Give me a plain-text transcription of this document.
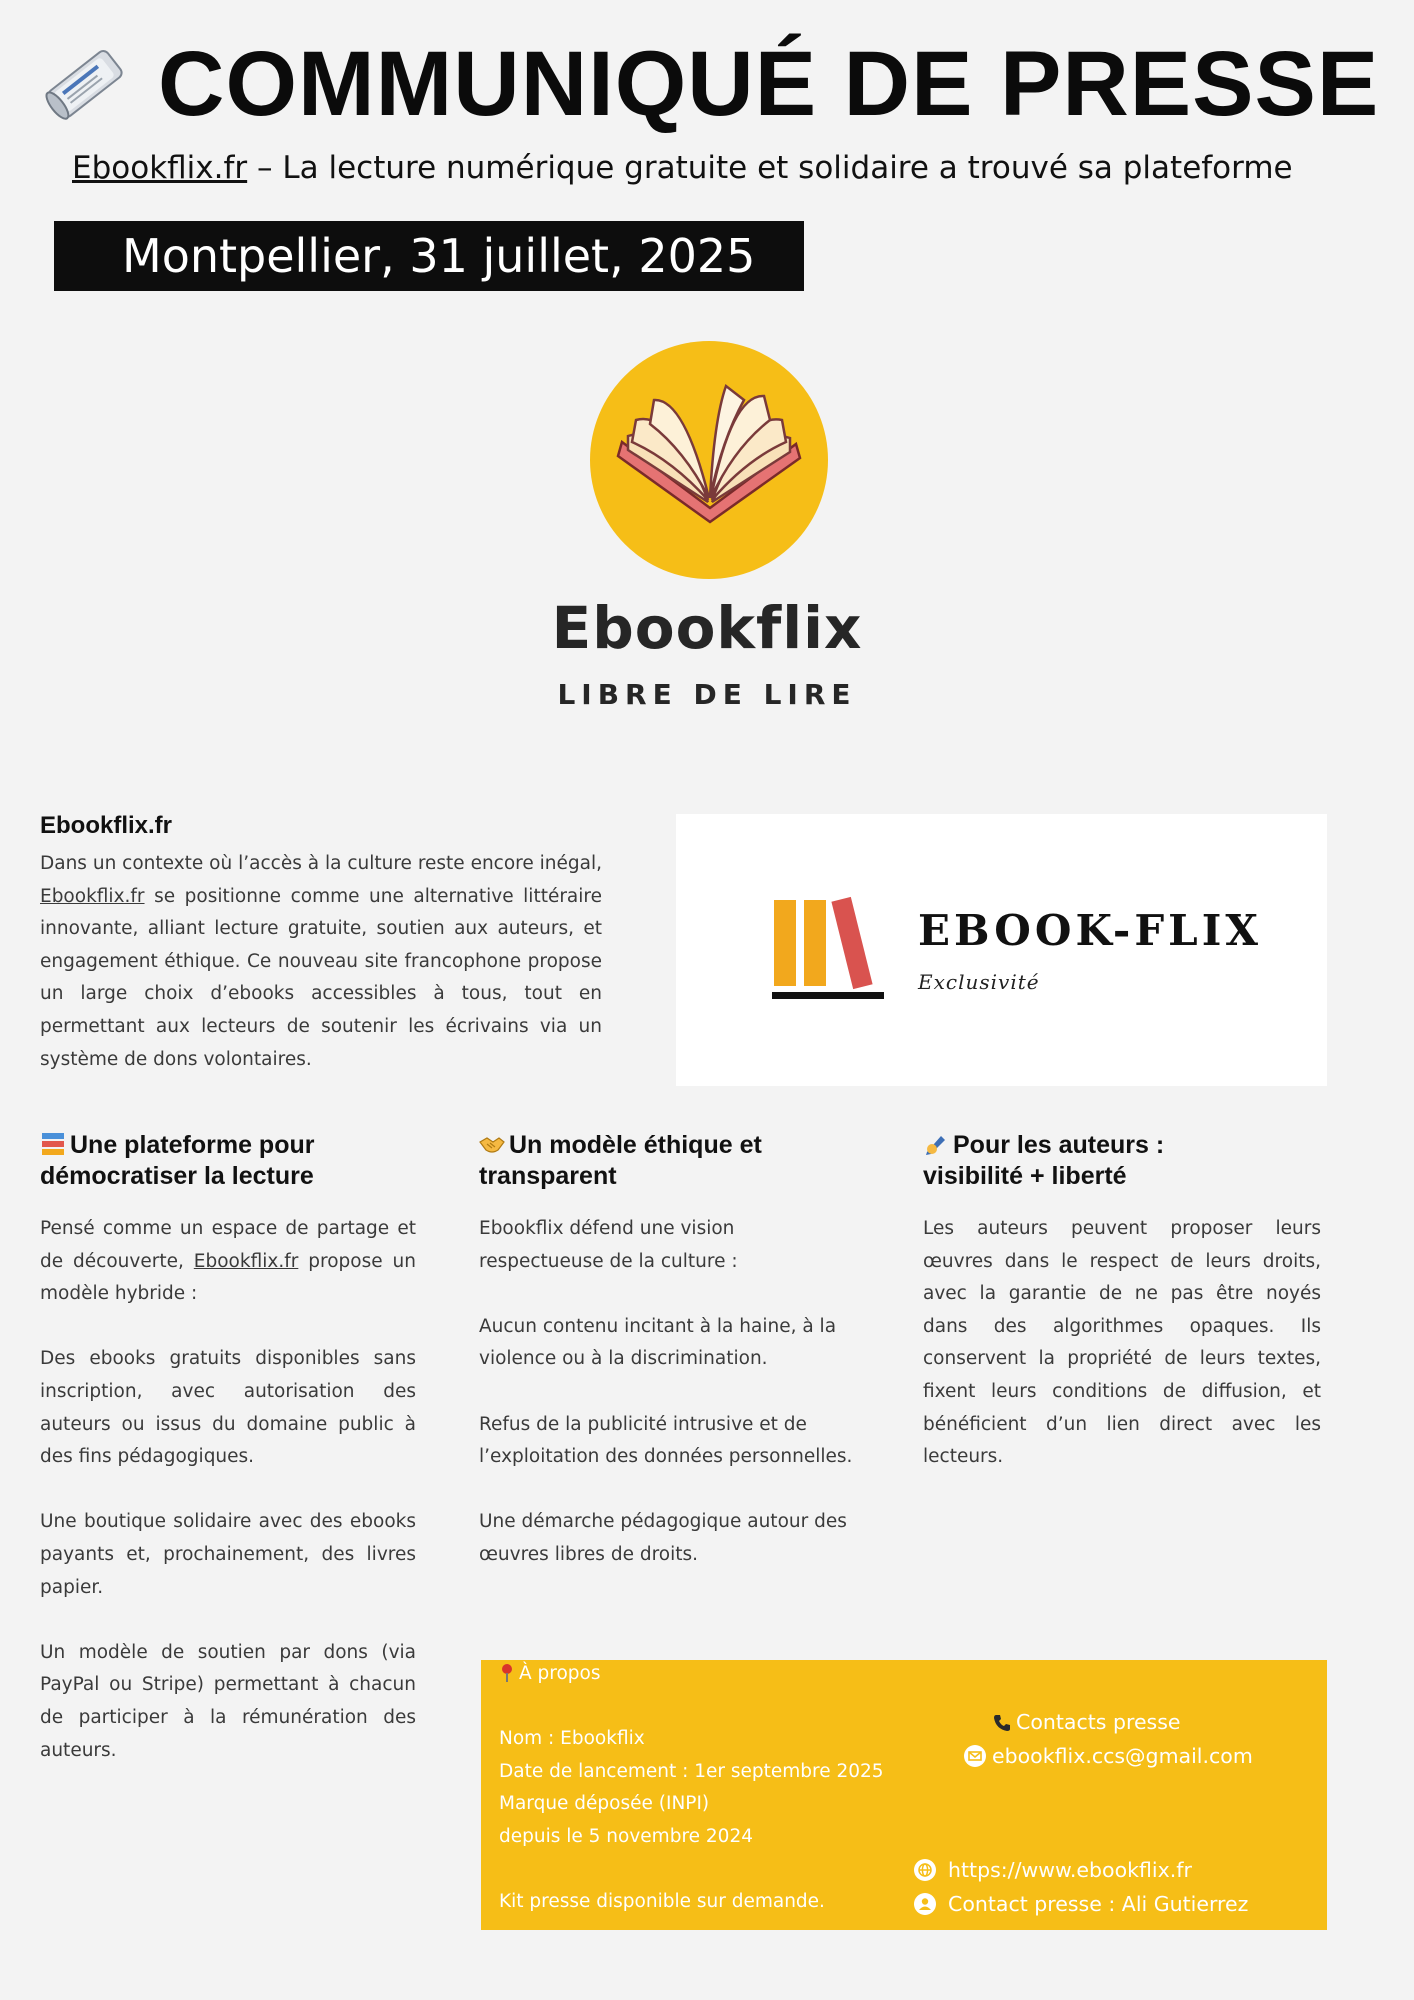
COMMUNIQUÉ DE PRESSE
Ebookflix.fr – La lecture numérique gratuite et solidaire a trouvé sa plateforme
Montpellier, 31 juillet, 2025
Ebookflix
LIBRE DE LIRE
Ebookflix.fr
Dans un contexte où l’accès à la culture reste encore inégal, Ebookflix.fr se positionne comme une alternative littéraire innovante, alliant lecture gratuite, soutien aux auteurs, et engagement éthique. Ce nouveau site francophone propose un large choix d’ebooks accessibles à tous, tout en permettant aux lecteurs de soutenir les écrivains via un système de dons volontaires.
EBOOK-FLIX
Exclusivité
Une plateforme pour démocratiser la lecture

Pensé comme un espace de partage et de découverte, Ebookflix.fr propose un modèle hybride :

Des ebooks gratuits disponibles sans inscription, avec autorisation des auteurs ou issus du domaine public à des fins pédagogiques.

Une boutique solidaire avec des ebooks payants et, prochainement, des livres papier.

Un modèle de soutien par dons (via PayPal ou Stripe) permettant à chacun de participer à la rémunération des auteurs.

Un modèle éthique et transparent

Ebookflix défend une vision respectueuse de la culture :

Aucun contenu incitant à la haine, à la violence ou à la discrimination.

Refus de la publicité intrusive et de l’exploitation des données personnelles.

Une démarche pédagogique autour des œuvres libres de droits.

Pour les auteurs :
visibilité + liberté

Les auteurs peuvent proposer leurs œuvres dans le respect de leurs droits, avec la garantie de ne pas être noyés dans des algorithmes opaques. Ils conservent la propriété de leurs textes, fixent leurs conditions de diffusion, et bénéficient d’un lien direct avec les lecteurs.

À propos
Nom : Ebookflix
Date de lancement : 1er septembre 2025
Marque déposée (INPI)
depuis le 5 novembre 2024
Kit presse disponible sur demande.
Contacts presse
ebookflix.ccs@gmail.com
https://www.ebookflix.fr
Contact presse : Ali Gutierrez
